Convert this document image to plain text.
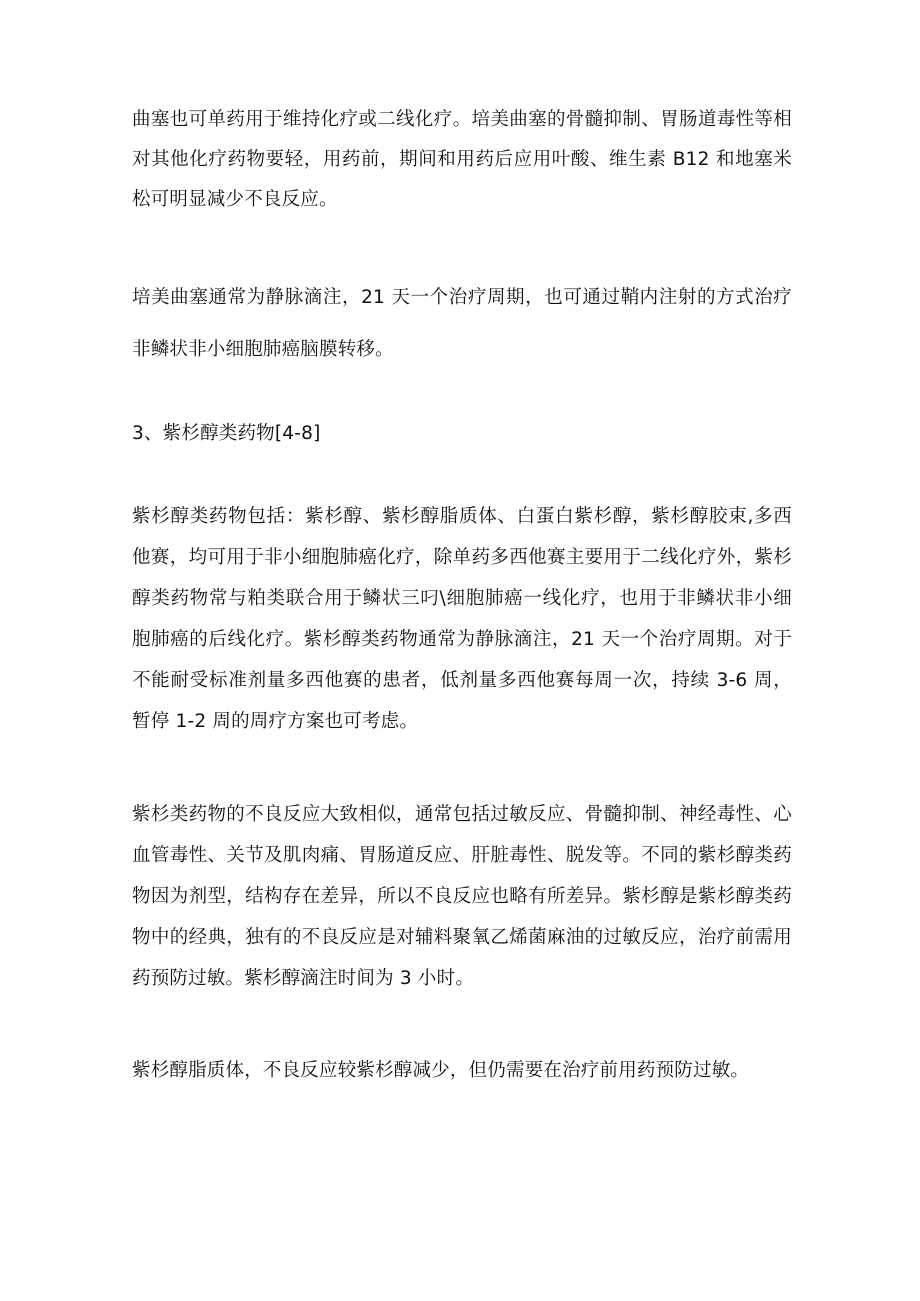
曲塞也可单药用于维持化疗或二线化疗。培美曲塞的骨髓抑制、胃肠道毒性等相对其他化疗药物要轻，用药前，期间和用药后应用叶酸、维生素 B12 和地塞米松可明显减少不良反应。

培美曲塞通常为静脉滴注，21 天一个治疗周期，也可通过鞘内注射的方式治疗非鳞状非小细胞肺癌脑膜转移。

3、紫杉醇类药物[4-8]

紫杉醇类药物包括：紫杉醇、紫杉醇脂质体、白蛋白紫杉醇，紫杉醇胶束,多西他赛，均可用于非小细胞肺癌化疗，除单药多西他赛主要用于二线化疗外，紫杉醇类药物常与粕类联合用于鳞状三叼\细胞肺癌一线化疗，也用于非鳞状非小细胞肺癌的后线化疗。紫杉醇类药物通常为静脉滴注，21 天一个治疗周期。对于不能耐受标准剂量多西他赛的患者，低剂量多西他赛每周一次，持续 3-6 周，暂停 1-2 周的周疗方案也可考虑。

紫杉类药物的不良反应大致相似，通常包括过敏反应、骨髓抑制、神经毒性、心血管毒性、关节及肌肉痛、胃肠道反应、肝脏毒性、脱发等。不同的紫杉醇类药物因为剂型，结构存在差异，所以不良反应也略有所差异。紫杉醇是紫杉醇类药物中的经典，独有的不良反应是对辅料聚氧乙烯菌麻油的过敏反应，治疗前需用药预防过敏。紫杉醇滴注时间为 3 小时。

紫杉醇脂质体，不良反应较紫杉醇减少，但仍需要在治疗前用药预防过敏。
